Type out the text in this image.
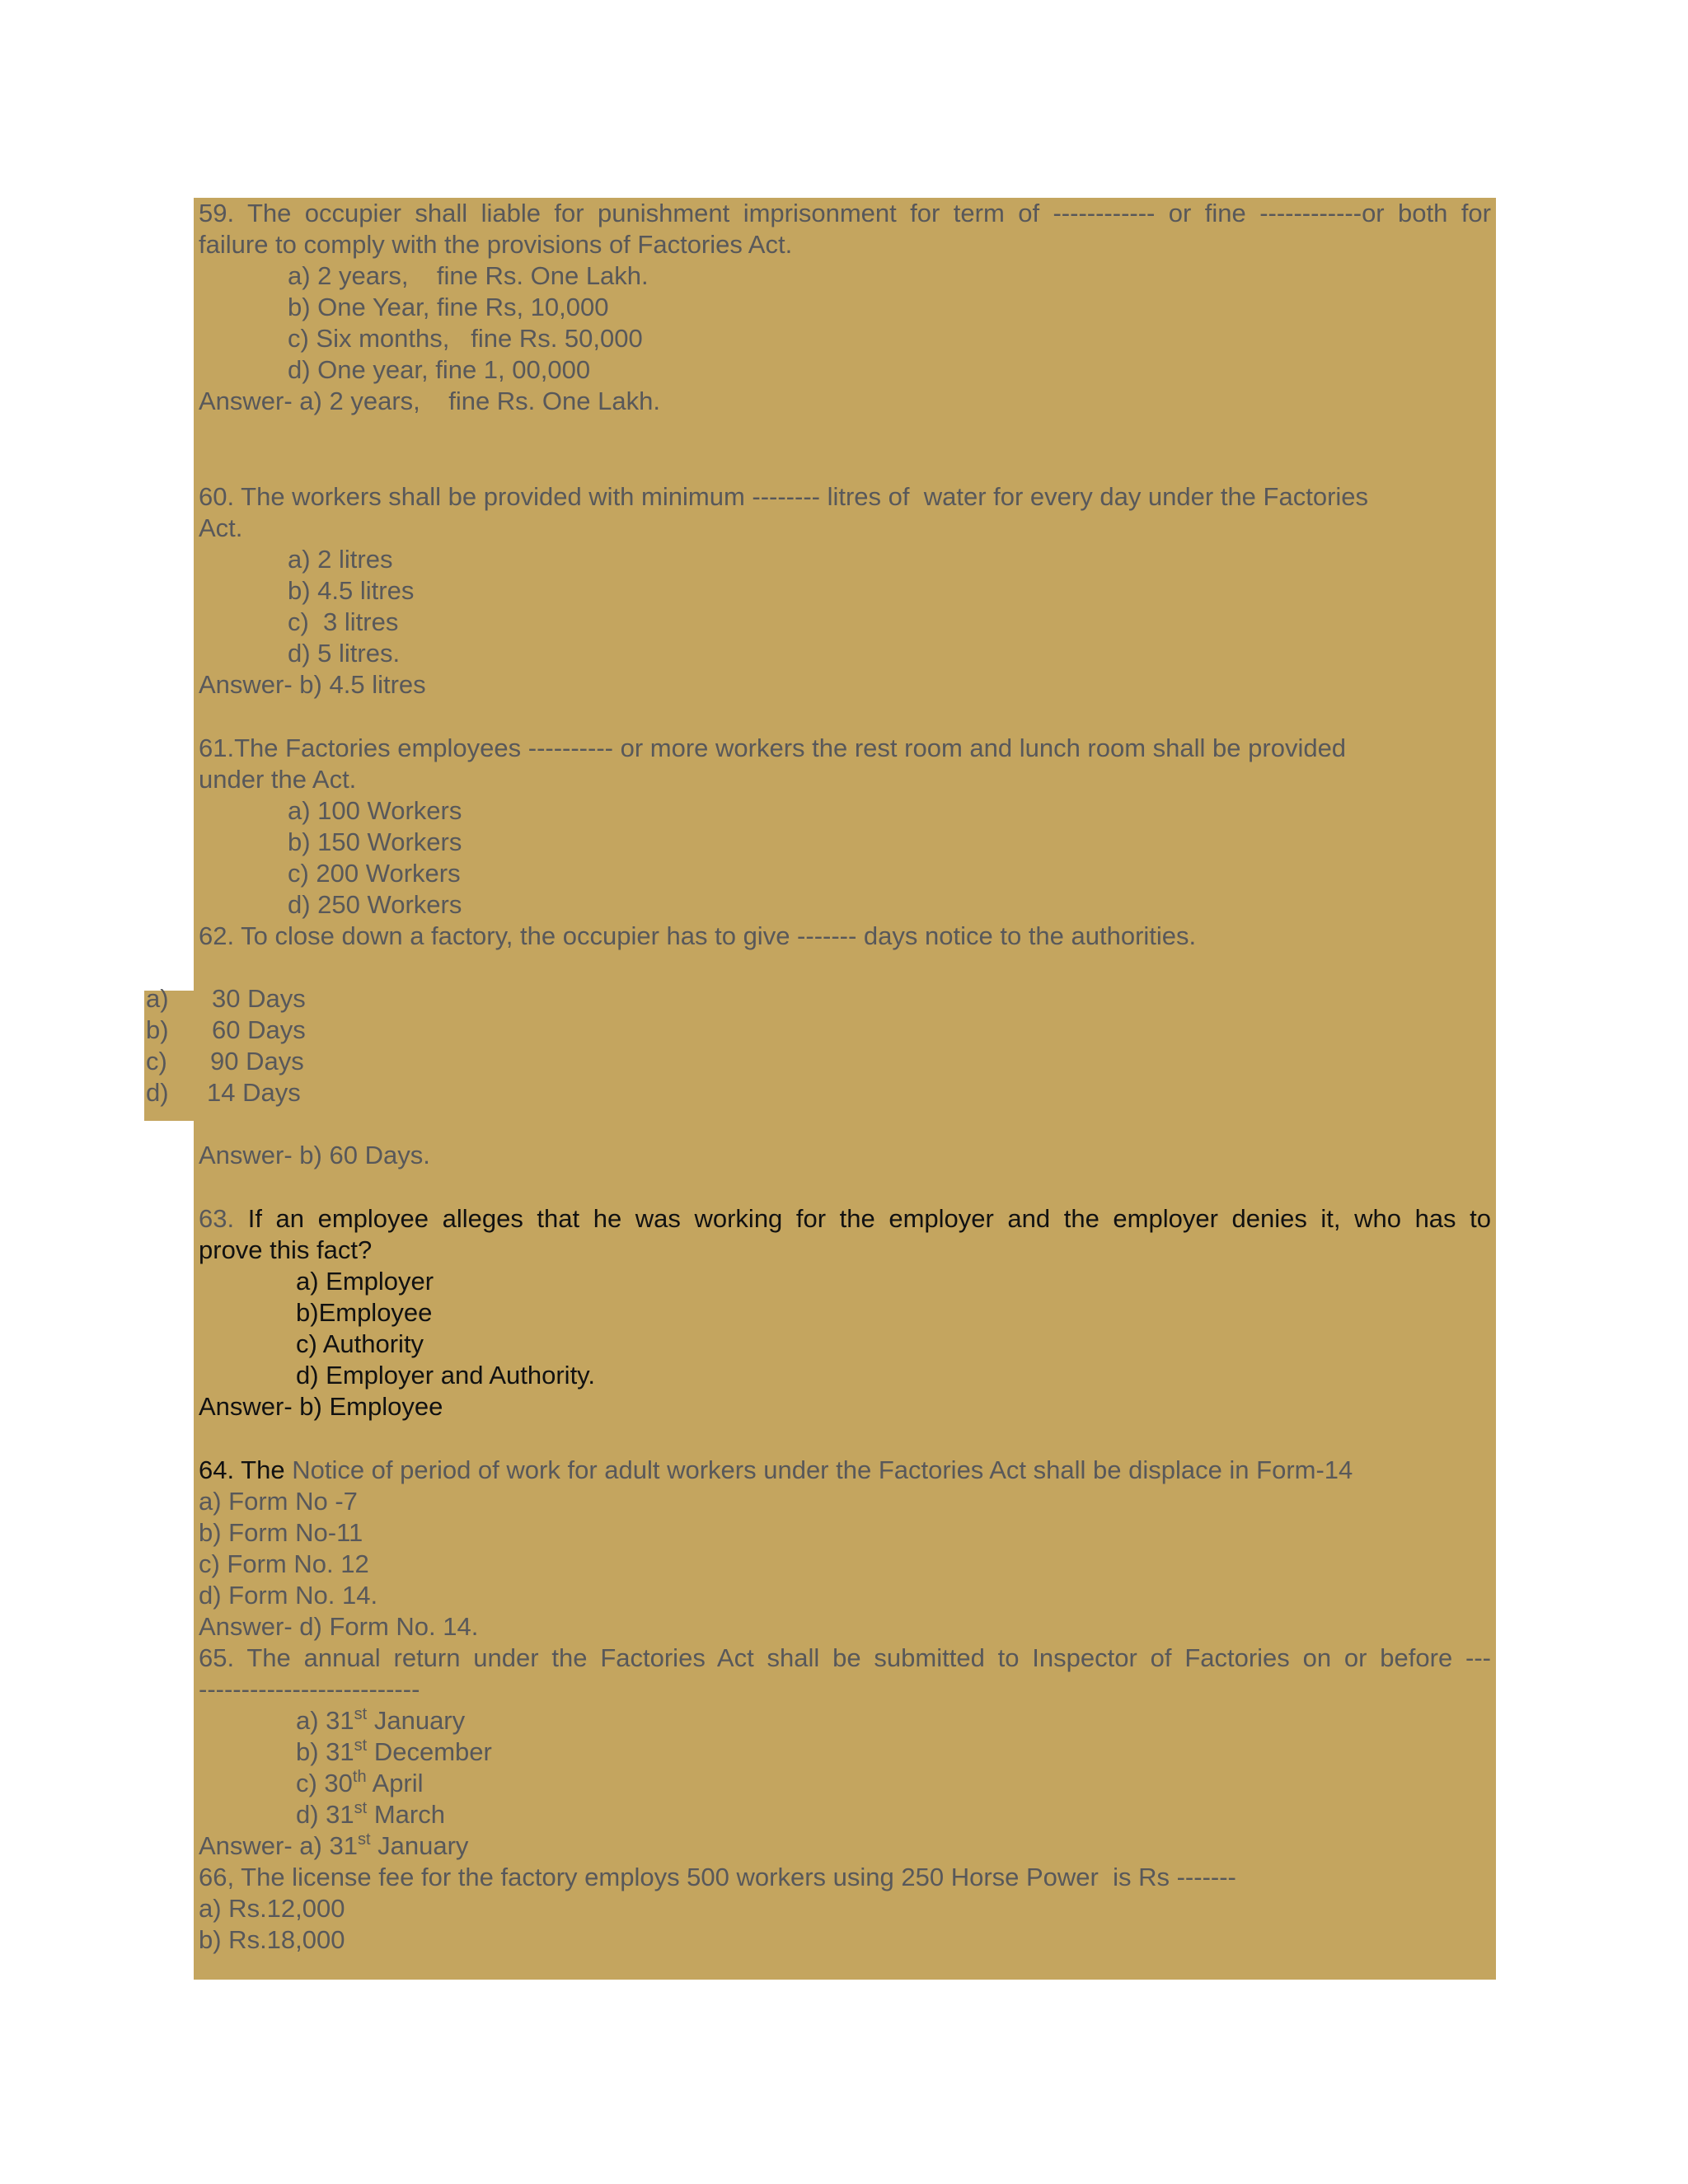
59. The occupier shall liable for punishment imprisonment for term of ------------ or fine ------------or both for
failure to comply with the provisions of Factories Act.
a) 2 years,    fine Rs. One Lakh.
b) One Year, fine Rs, 10,000
c) Six months,   fine Rs. 50,000
d) One year, fine 1, 00,000
Answer- a) 2 years,    fine Rs. One Lakh.
60. The workers shall be provided with minimum -------- litres of  water for every day under the Factories
Act.
a) 2 litres
b) 4.5 litres
c)  3 litres
d) 5 litres.
Answer- b) 4.5 litres
61.The Factories employees ---------- or more workers the rest room and lunch room shall be provided
under the Act.
a) 100 Workers
b) 150 Workers
c) 200 Workers
d) 250 Workers
62. To close down a factory, the occupier has to give ------- days notice to the authorities.
a) 30 Days
b) 60 Days
c) 90 Days
d) 14 Days
Answer- b) 60 Days.
63. If an employee alleges that he was working for the employer and the employer denies it, who has to
prove this fact?
a) Employer
b)Employee
c) Authority
d) Employer and Authority.
Answer- b) Employee
64. The Notice of period of work for adult workers under the Factories Act shall be displace in Form-14
a) Form No -7
b) Form No-11
c) Form No. 12
d) Form No. 14.
Answer- d) Form No. 14.
65. The annual return under the Factories Act shall be submitted to Inspector of Factories on or before ---
--------------------------
a) 31st January
b) 31st December
c) 30th April
d) 31st March
Answer- a) 31st January
66, The license fee for the factory employs 500 workers using 250 Horse Power  is Rs -------
a) Rs.12,000
b) Rs.18,000
